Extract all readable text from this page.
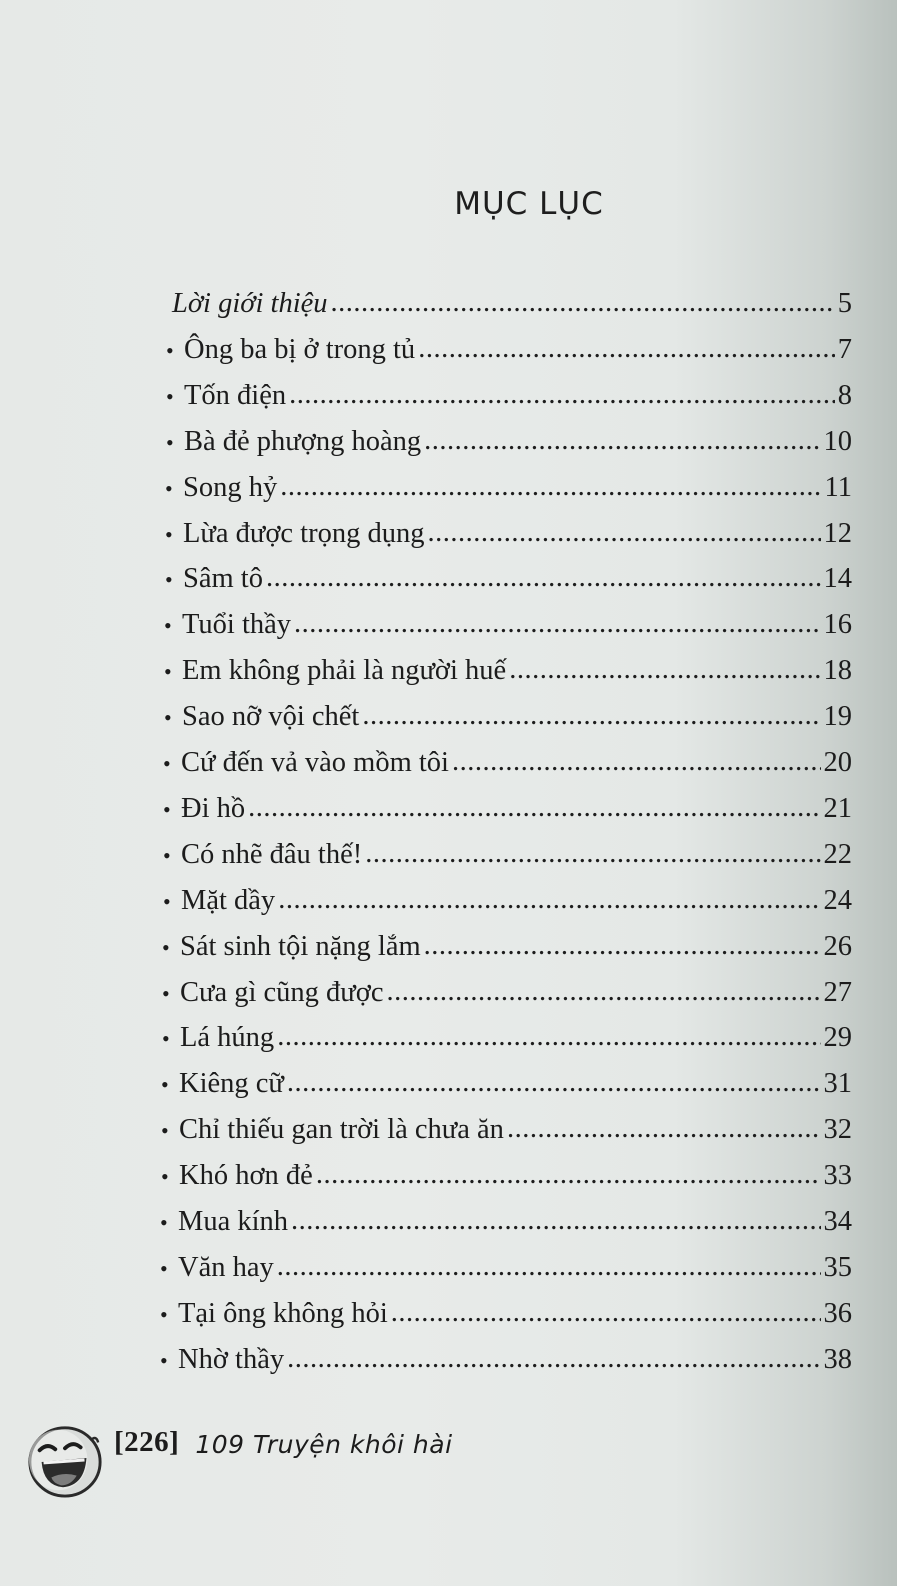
MỤC LỤC
Lời giới thiệu .....	5
• Ông ba bị ở trong tủ .....	7
• Tốn điện .....	8
• Bà đẻ phượng hoàng .....	10
• Song hỷ .....	11
• Lừa được trọng dụng .....	12
• Sâm tô .....	14
• Tuổi thầy .....	16
• Em không phải là người huế .....	18
• Sao nỡ vội chết .....	19
• Cứ đến vả vào mồm tôi .....	20
• Đi hồ .....	21
• Có nhẽ đâu thế! .....	22
• Mặt dầy .....	24
• Sát sinh tội nặng lắm .....	26
• Cưa gì cũng được .....	27
• Lá húng .....	29
• Kiêng cữ .....	31
• Chỉ thiếu gan trời là chưa ăn .....	32
• Khó hơn đẻ .....	33
• Mua kính .....	34
• Văn hay .....	35
• Tại ông không hỏi .....	36
• Nhờ thầy .....	38
[226] 109 Truyện khôi hài
